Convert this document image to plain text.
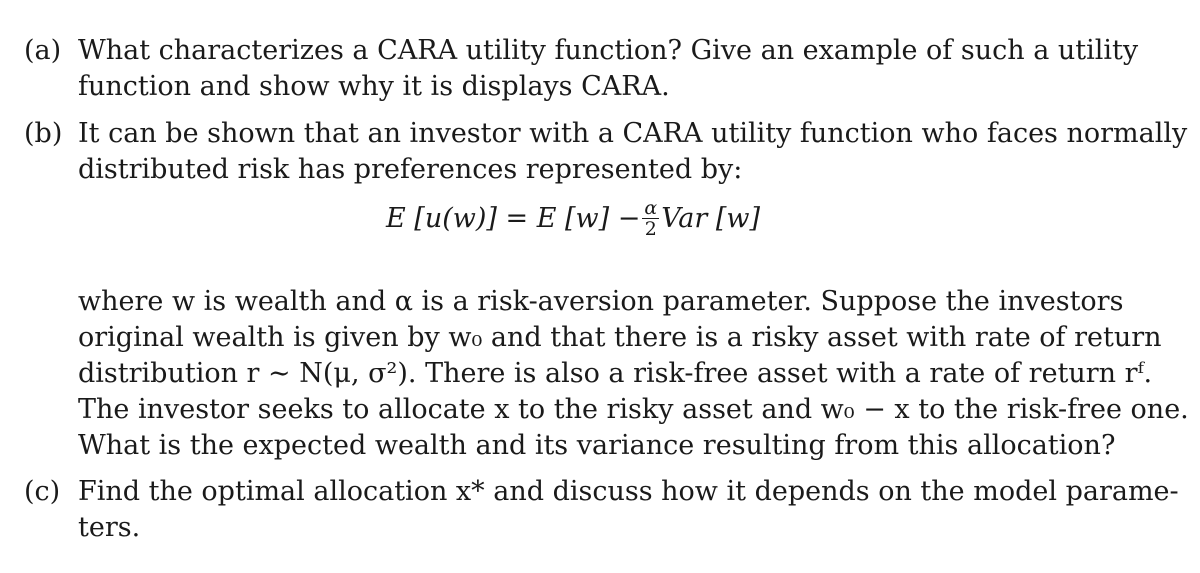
(a) What characterizes a CARA utility function? Give an example of such a utility
function and show why it is displays CARA.
(b) It can be shown that an investor with a CARA utility function who faces normally
distributed risk has preferences represented by:
E [u(w)] = E $[w] - \frac{\alpha}{2}$ Var [w]
where w is wealth and α is a risk-aversion parameter. Suppose the investors
original wealth is given by w₀ and that there is a risky asset with rate of return
distribution r ∼ N(μ, σ²). There is also a risk-free asset with a rate of return rᶠ.
The investor seeks to allocate x to the risky asset and w₀ − x to the risk-free one.
What is the expected wealth and its variance resulting from this allocation?
(c) Find the optimal allocation x* and discuss how it depends on the model parame-
ters.
